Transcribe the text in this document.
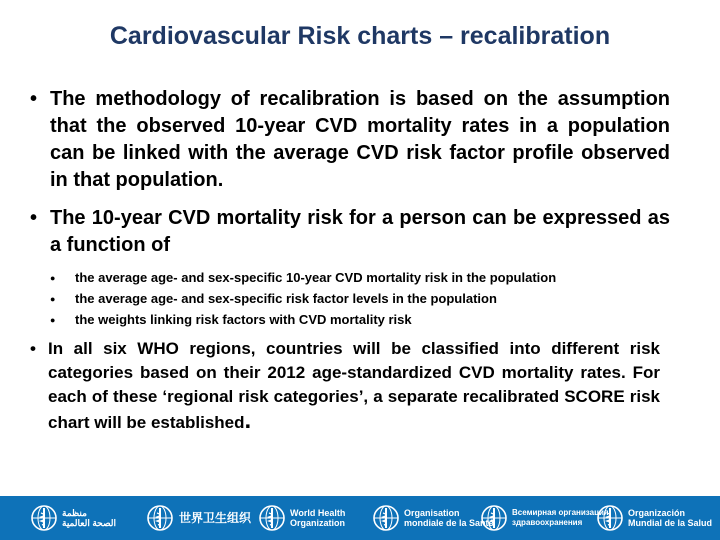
Cardiovascular Risk charts – recalibration
• The methodology of recalibration is based on the assumption that the observed 10-year CVD mortality rates in a population can be linked with the average CVD risk factor profile observed in that population.
• The 10-year CVD mortality risk for a person can be expressed as a function of
●	the average age- and sex-specific 10-year CVD mortality risk in the population
●	the average age- and sex-specific risk factor levels in the population
●	the weights linking risk factors with CVD mortality risk
• In all six WHO regions, countries will be classified into different risk categories based on their 2012 age-standardized CVD mortality rates. For each of these ‘regional risk categories’, a separate recalibrated SCORE risk chart will be established.
منظمة
الصحة العالمية	世界卫生组织	World Health
Organization
Organisation
mondiale de la Santé
Всемирная организация
здравоохранения
Organización
Mundial de la Salud
